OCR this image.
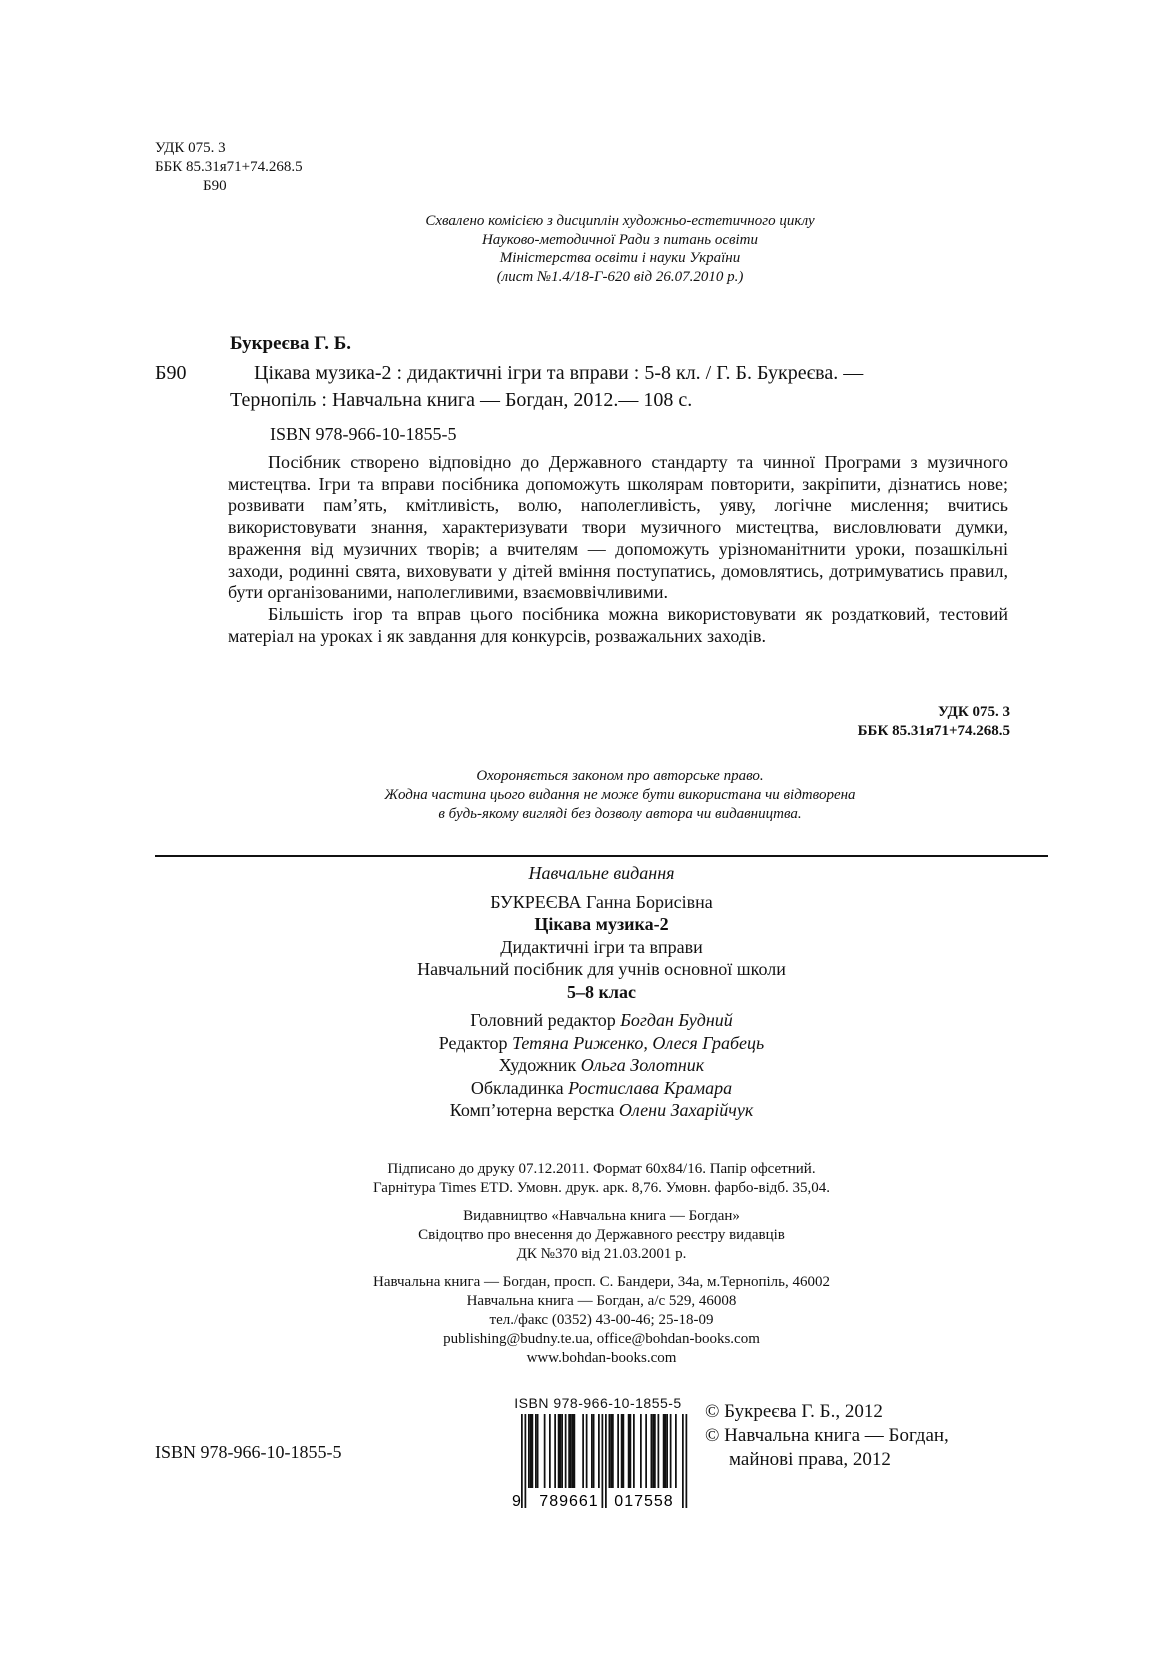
УДК 075. 3
ББК 85.31я71+74.268.5
Б90
Схвалено комісією з дисциплін художньо-естетичного циклу
Науково-методичної Ради з питань освіти
Міністерства освіти і науки України
(лист №1.4/18-Г-620 від 26.07.2010 р.)
Букреєва Г. Б.
Б90	Цікава музика-2 : дидактичні ігри та вправи : 5-8 кл. / Г. Б. Букреєва. —
Тернопіль : Навчальна книга — Богдан, 2012.— 108 с.
ISBN 978-966-10-1855-5

Посібник створено відповідно до Державного стандарту та чинної Програми з музичного мистецтва. Ігри та вправи посібника допоможуть школярам повторити, закріпити, дізнатись нове; розвивати пам’ять, кмітливість, волю, наполегливість, уяву, логічне мислення; вчитись використовувати знання, характеризувати твори музичного мистецтва, висловлювати думки, враження від музичних творів; а вчителям — допоможуть урізноманітнити уроки, позашкільні заходи, родинні свята, виховувати у дітей вміння поступатись, домовлятись, дотримуватись правил, бути організованими, наполегливими, взаємоввічливими.

Більшість ігор та вправ цього посібника можна використовувати як роздатковий, тестовий матеріал на уроках і як завдання для конкурсів, розважальних заходів.

УДК 075. 3
ББК 85.31я71+74.268.5
Охороняється законом про авторське право.
Жодна частина цього видання не може бути використана чи відтворена
в будь-якому вигляді без дозволу автора чи видавництва.
Навчальне видання
БУКРЕЄВА Ганна Борисівна
Цікава музика-2
Дидактичні ігри та вправи
Навчальний посібник для учнів основної школи
5–8 клас
Головний редактор Богдан Будний
Редактор Тетяна Риженко, Олеся Грабець
Художник Ольга Золотник
Обкладинка Ростислава Крамара
Комп’ютерна верстка Олени Захарійчук
Підписано до друку 07.12.2011. Формат 60x84/16. Папір офсетний.
Гарнітура Times ETD. Умовн. друк. арк. 8,76. Умовн. фарбо-відб. 35,04.
Видавництво «Навчальна книга — Богдан»
Свідоцтво про внесення до Державного реєстру видавців
ДК №370 від 21.03.2001 р.
Навчальна книга — Богдан, просп. С. Бандери, 34а, м.Тернопіль, 46002
Навчальна книга — Богдан, а/с 529, 46008
тел./факс (0352) 43-00-46; 25-18-09
publishing@budny.te.ua, office@bohdan-books.com
www.bohdan-books.com
ISBN 978-966-10-1855-5
ISBN 978-966-10-1855-5
9 789661 017558
© Букреєва Г. Б., 2012
© Навчальна книга — Богдан,
майнові права, 2012
